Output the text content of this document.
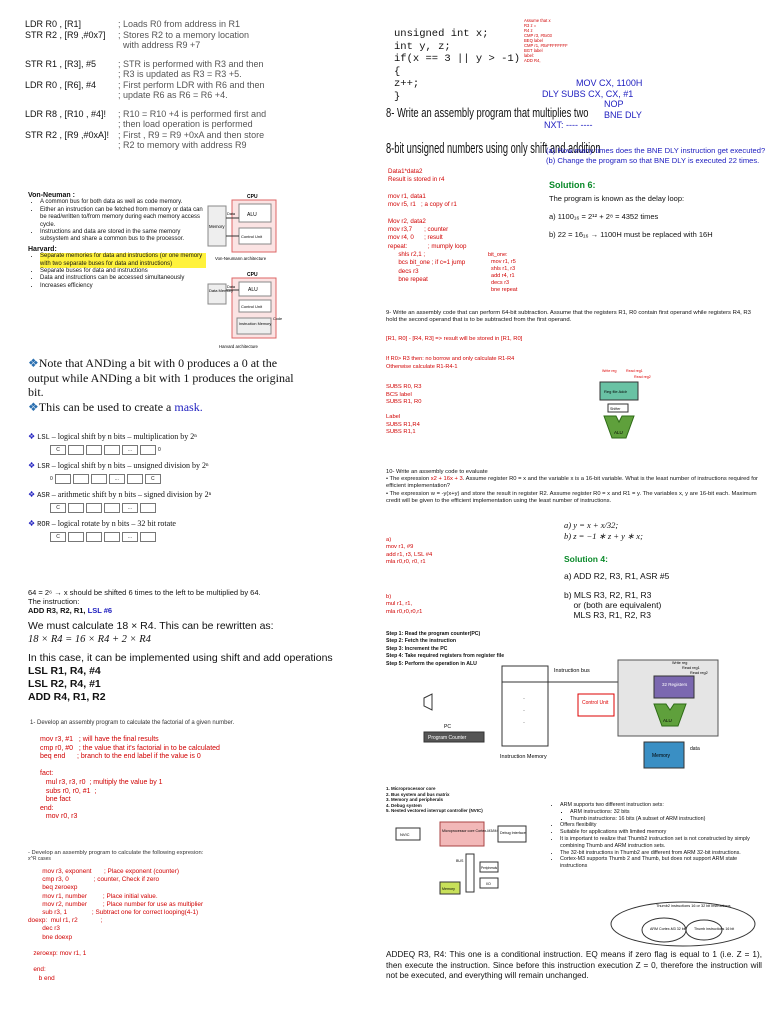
LDR R0 , [R1]	; Loads R0 from address in R1
STR R2 , [R9 ,#0x7]	; Stores R2 to a memory location
with address R9 +7
STR R1 , [R3], #5	; STR is performed with R3 and then
; R3 is updated as R3 = R3 +5.
LDR R0 , [R6], #4	; First perform LDR with R6 and then
; update R6 as R6 = R6 +4.
LDR R8 , [R10 , #4]!	; R10 = R10 +4 is performed first and
; then load operation is performed
STR R2 , [R9 ,#0xA]! ; First , R9 = R9 +0xA and then store
; R2 to memory with address R9
Von-Neuman :
• A common bus for both data as well as code memory.
• Either an instruction can be fetched from memory or data can be read/written to/from memory during each memory access cycle.
• Instructions and data are stored in the same memory subsystem and share a common bus to the processor.
Harvard:
• Separate memories for data and instructions (or one memory with two separate buses for data and instructions)
• Separate buses for data and instructions
• Data and instructions can be accessed simultaneously
• Increases efficiency
CPU
Memory
ALU
Control Unit
Data
Von-Neumann architecture
CPU
Data Memory	ALU
Control Unit
Instruction Memory
Data
Code
Harvard architecture
❖Note that ANDing a bit with 0 produces a 0 at the output while ANDing a bit with 1 produces the original bit.
❖This can be used to create a mask.
❖ LSL – logical shift by n bits – multiplication by 2ⁿ
C	...	0
❖ LSR – logical shift by n bits – unsigned division by 2ⁿ
0	...	C
❖ ASR – arithmetic shift by n bits – signed division by 2ⁿ
C	...
❖ ROR – logical rotate by n bits – 32 bit rotate
C	...
64 = 2⁶ → x should be shifted 6 times to the left to be multiplied by 64.
The instruction:
ADD R3, R2, R1, LSL #6
We must calculate 18 × R4. This can be rewritten as:
18 × R4 = 16 × R4 + 2 × R4
In this case, it can be implemented using shift and add operations
LSL R1, R4, #4
LSL R2, R4, #1
ADD R4, R1, R2
1- Develop an assembly program to calculate the factorial of a given number.
mov r3, #1   ; will have the final results
cmp r0, #0   ; the value that it's factorial in to be calculated
beq end      ; branch to the end label if the value is 0

fact:
mul r3, r3, r0  ; multiply the value by 1
subs r0, r0, #1  ;
bne fact
end:
mov r0, r3
- Develop an assembly program to calculate the following expresion:
x^R cases
mov r3, exponent       ; Place exponent (counter)
cmp r3, 0              ; counter, Check if zero
beq zeroexp
mov r1, number         ; Place initial value.
mov r2, number         ; Place number for use as multiplier
sub r3, 1              ; Subtract one for correct looping(4-1)
doexp:  mul r1, r2             ;
dec r3
bne doexp

zeroexp: mov r1, 1

end:
b end
unsigned int x;
int y, z;
if(x == 3 || y > -1)
{
z++;
}
Assume that x
R3 z =
R4 z
CMP r3, #0x03
BEQ label
CMP r1, #0xFFFFFFFF
BGT label
label:
ADD R4,
MOV CX, 1100H
DLY SUBS CX, CX, #1
NOP
BNE DLY
NXT: ---- ----
8- Write an assembly program that multiplies two
8-bit unsigned numbers using only shift and addition
(a) How many times does the BNE DLY instruction get executed?
(b) Change the program so that BNE DLY is executed 22 times.
Solution 6:
The program is known as the delay loop:
a) 1100₁₆ = 2¹² + 2⁸ = 4352 times
b) 22 = 16₁₆ → 1100H must be replaced with 16H
Data1*data2
Result is stored in r4

mov r1, data1
mov r5, r1   ; a copy of r1

Mov r2, data2
mov r3,7       ; counter
mov r4, 0      ; result
repeat:            ; mumply loop
shls r2,1 ;
bcs bit_one ; if c=1 jump
decs r3
bne repeat
bit_one:
mov r1, r5
shls r1, r3
add r4, r1
decs r3
bne repeat
9- Write an assembly code that can perform 64-bit subtraction. Assume that the registers R1, R0 contain first operand while registers R4, R3 hold the second operand that is to be subtracted from the first operand.
[R1, R0] - [R4, R3] => result will be stored in [R1, R0]
If R0> R3 then: no borrow and only calculate R1-R4
Otherwise calculate R1-R4-1
SUBS R0, R3
BCS label
SUBS R1, R0

Label
SUBS R1,R4
SUBS R1,1
Write reg	Read reg1
Read reg2
Reg file Addr
Shifter
ALU
10- Write an assembly code to evaluate
• The expression x2 + 16x + 3. Assume register R0 = x and the variable x is a 16-bit variable. What is the least number of instructions required for efficient implementation?
• The expression w = -y(x+y) and store the result in register R2. Assume register R0 = x and R1 = y. The variables x, y are 16-bit each. Maximum credit will be given to the efficient implementation using the least number of instructions.
a) y = x + x/32;
b) z = −1 ∗ z + y ∗ x;
a)
mov r1, #9
add r1, r3, LSL #4
mla r0,r0, r0, r1
b)
mul r1, r1,
mla r0,r0,r0,r1
Solution 4:
a) ADD R2, R3, R1, ASR #5
b) MLS R3, R2, R1, R3
or (both are equivalent)
MLS R3, R1, R2, R3
Step 1: Read the program counter(PC)
Step 2: Fetch the instruction
Step 3: Increment the PC
Step 4: Take required registers from register file
Step 5: Perform the operation in ALU
·
·
·
Instruction Memory
Instruction bus
Control Unit
Program Counter
PC
Write reg
Read reg1
Read reg2
32 Registers
ALU
Memory
data
1. Microprocessor core
2. Bus system and bus matrix
3. Memory and peripherals
4. Debug system
5. Nested vectored interrupt controller (NVIC)
NVIC
Microprocessor core Cortex-M3/M4 Debug Interface
BUS
Memory
Peripherals
I/O
• ARM supports two different instruction sets:
▪ ARM instructions: 32 bits
▪ Thumb instructions: 16 bits (A subset of ARM instruction)
• Offers flexibility
• Suitable for applications with limited memory
• It is important to realize that Thumb2 instruction set is not constructed by simply combining Thumb and ARM instruction sets.
• The 32-bit instructions in Thumb2 are different from ARM 32-bit instructions.
• Cortex-M3 supports Thumb 2 and Thumb, but does not support ARM state instructions
Thumb2 instructions 16 or 32 bit instructions
ARM Cortex-M3 32 bit Thumb instructions 16 bit
ADDEQ R3, R4: This one is a conditional instruction. EQ means if zero flag is equal to 1 (i.e. Z = 1), then execute the instruction. Since before this instruction execution Z = 0, therefore the instruction will not be executed, and everything will remain unchanged.
